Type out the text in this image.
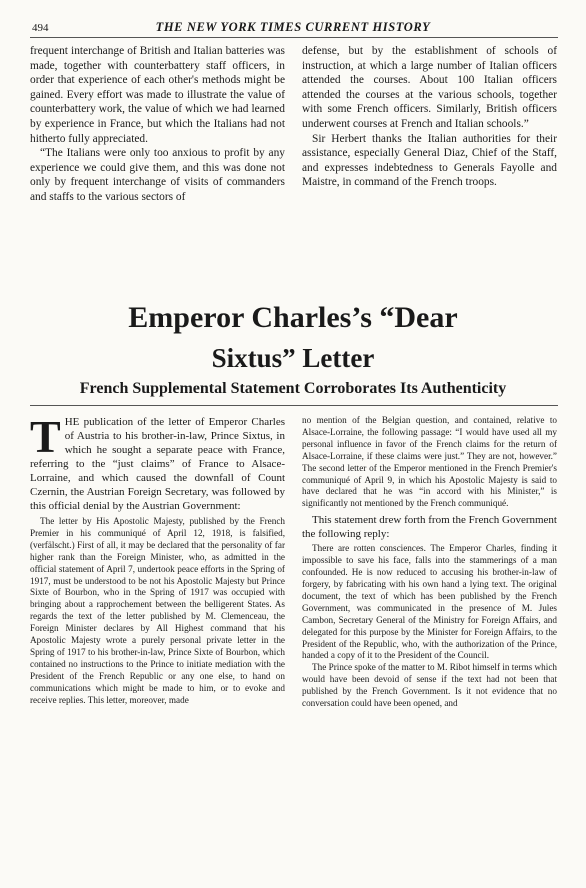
494	THE NEW YORK TIMES CURRENT HISTORY

frequent interchange of British and Italian batteries was made, together with counterbattery staff officers, in order that experience of each other's methods might be gained. Every effort was made to illustrate the value of counterbattery work, the value of which we had learned by experience in France, but which the Italians had not hitherto fully appreciated.

“The Italians were only too anxious to profit by any experience we could give them, and this was done not only by frequent interchange of visits of commanders and staffs to the various sectors of

defense, but by the establishment of schools of instruction, at which a large number of Italian officers attended the courses. About 100 Italian officers attended the courses at the various schools, together with some French officers. Similarly, British officers underwent courses at French and Italian schools.”

Sir Herbert thanks the Italian authorities for their assistance, especially General Diaz, Chief of the Staff, and expresses indebtedness to Generals Fayolle and Maistre, in command of the French troops.

Emperor Charles’s “Dear
Sixtus” Letter
French Supplemental Statement Corroborates Its Authenticity
THE publication of the letter of Emperor Charles of Austria to his brother-in-law, Prince Sixtus, in which he sought a separate peace with France, referring to the “just claims” of France to Alsace-Lorraine, and which caused the downfall of Count Czernin, the Austrian Foreign Secretary, was followed by this official denial by the Austrian Government:

The letter by His Apostolic Majesty, published by the French Premier in his communiqué of April 12, 1918, is falsified, (verfälscht.) First of all, it may be declared that the personality of far higher rank than the Foreign Minister, who, as admitted in the official statement of April 7, undertook peace efforts in the Spring of 1917, must be understood to be not his Apostolic Majesty but Prince Sixte of Bourbon, who in the Spring of 1917 was occupied with bringing about a rapprochement between the belligerent States. As regards the text of the letter published by M. Clemenceau, the Foreign Minister declares by All Highest command that his Apostolic Majesty wrote a purely personal private letter in the Spring of 1917 to his brother-in-law, Prince Sixte of Bourbon, which contained no instructions to the Prince to initiate mediation with the President of the French Republic or any one else, to hand on communications which might be made to him, or to evoke and receive replies. This letter, moreover, made

no mention of the Belgian question, and contained, relative to Alsace-Lorraine, the following passage: “I would have used all my personal influence in favor of the French claims for the return of Alsace-Lorraine, if these claims were just.” They are not, however.” The second letter of the Emperor mentioned in the French Premier's communiqué of April 9, in which his Apostolic Majesty is said to have declared that he was “in accord with his Minister,” is significantly not mentioned by the French communiqué.

This statement drew forth from the French Government the following reply:

There are rotten consciences. The Emperor Charles, finding it impossible to save his face, falls into the stammerings of a man confounded. He is now reduced to accusing his brother-in-law of forgery, by fabricating with his own hand a lying text. The original document, the text of which has been published by the French Government, was communicated in the presence of M. Jules Cambon, Secretary General of the Ministry for Foreign Affairs, and delegated for this purpose by the Minister for Foreign Affairs, to the President of the Republic, who, with the authorization of the Prince, handed a copy of it to the President of the Council.

The Prince spoke of the matter to M. Ribot himself in terms which would have been devoid of sense if the text had not been that published by the French Government. Is it not evidence that no conversation could have been opened, and
